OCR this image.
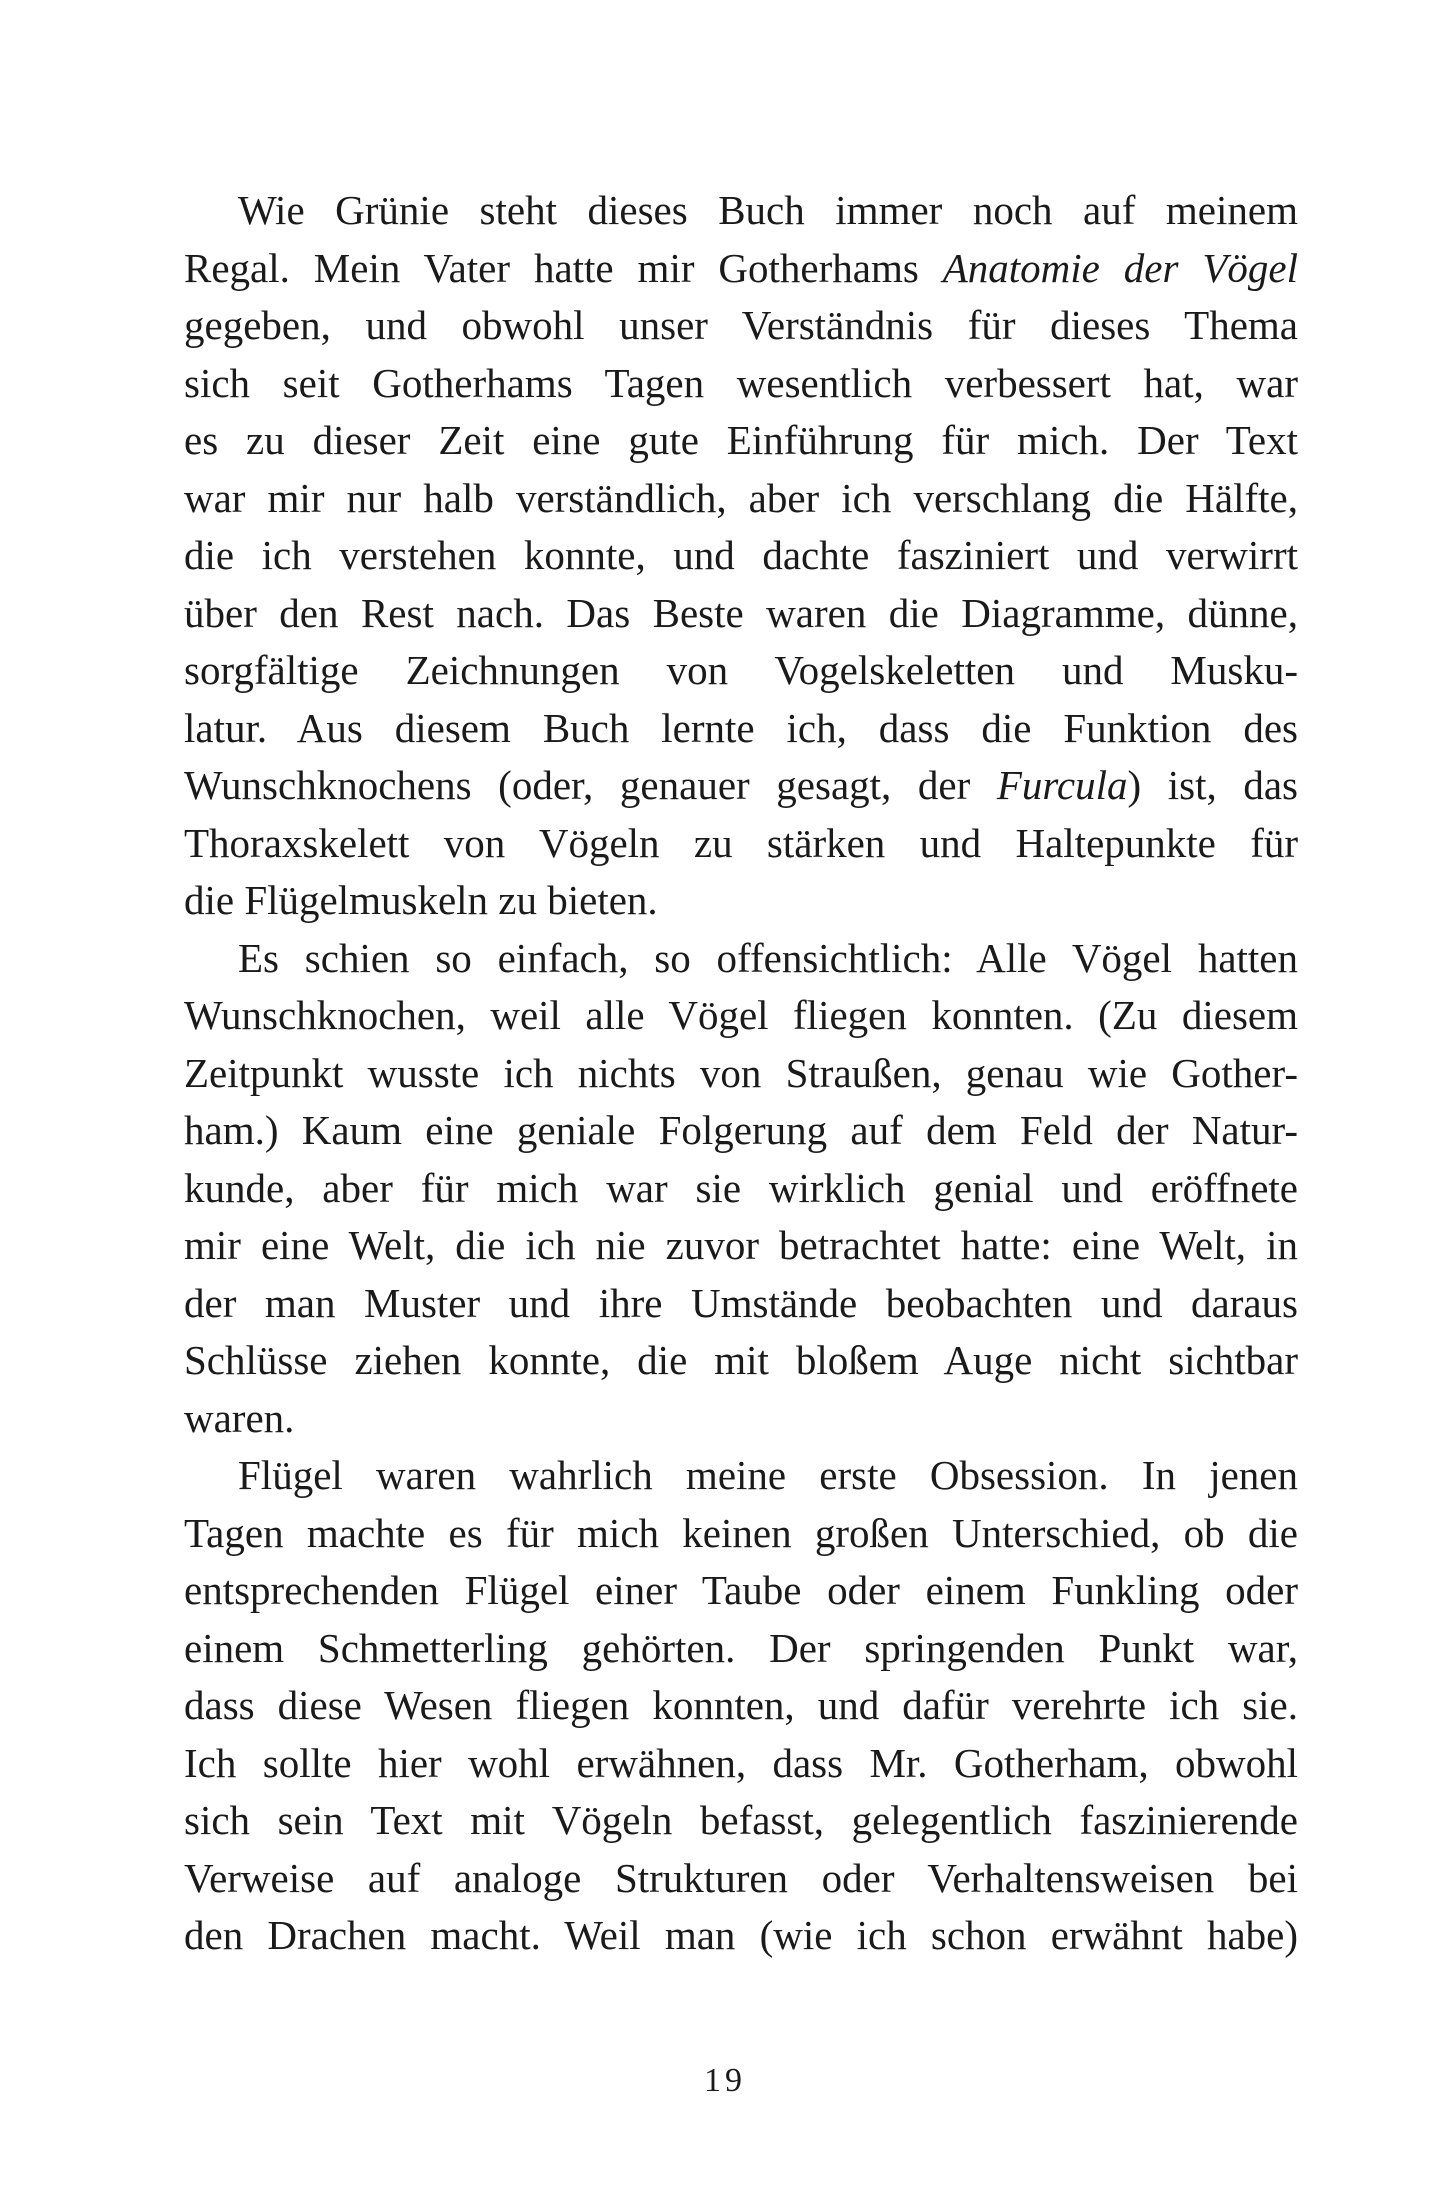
Wie Grünie steht dieses Buch immer noch auf meinem
Regal. Mein Vater hatte mir Gotherhams Anatomie der Vögel
gegeben, und obwohl unser Verständnis für dieses Thema
sich seit Gotherhams Tagen wesentlich verbessert hat, war
es zu dieser Zeit eine gute Einführung für mich. Der Text
war mir nur halb verständlich, aber ich verschlang die Hälfte,
die ich verstehen konnte, und dachte fasziniert und verwirrt
über den Rest nach. Das Beste waren die Diagramme, dünne,
sorgfältige Zeichnungen von Vogelskeletten und Musku-
latur. Aus diesem Buch lernte ich, dass die Funktion des
Wunschknochens (oder, genauer gesagt, der Furcula) ist, das
Thoraxskelett von Vögeln zu stärken und Haltepunkte für
die Flügelmuskeln zu bieten.
Es schien so einfach, so offensichtlich: Alle Vögel hatten
Wunschknochen, weil alle Vögel fliegen konnten. (Zu diesem
Zeitpunkt wusste ich nichts von Straußen, genau wie Gother-
ham.) Kaum eine geniale Folgerung auf dem Feld der Natur-
kunde, aber für mich war sie wirklich genial und eröffnete
mir eine Welt, die ich nie zuvor betrachtet hatte: eine Welt, in
der man Muster und ihre Umstände beobachten und daraus
Schlüsse ziehen konnte, die mit bloßem Auge nicht sichtbar
waren.
Flügel waren wahrlich meine erste Obsession. In jenen
Tagen machte es für mich keinen großen Unterschied, ob die
entsprechenden Flügel einer Taube oder einem Funkling oder
einem Schmetterling gehörten. Der springenden Punkt war,
dass diese Wesen fliegen konnten, und dafür verehrte ich sie.
Ich sollte hier wohl erwähnen, dass Mr. Gotherham, obwohl
sich sein Text mit Vögeln befasst, gelegentlich faszinierende
Verweise auf analoge Strukturen oder Verhaltensweisen bei
den Drachen macht. Weil man (wie ich schon erwähnt habe)
19
